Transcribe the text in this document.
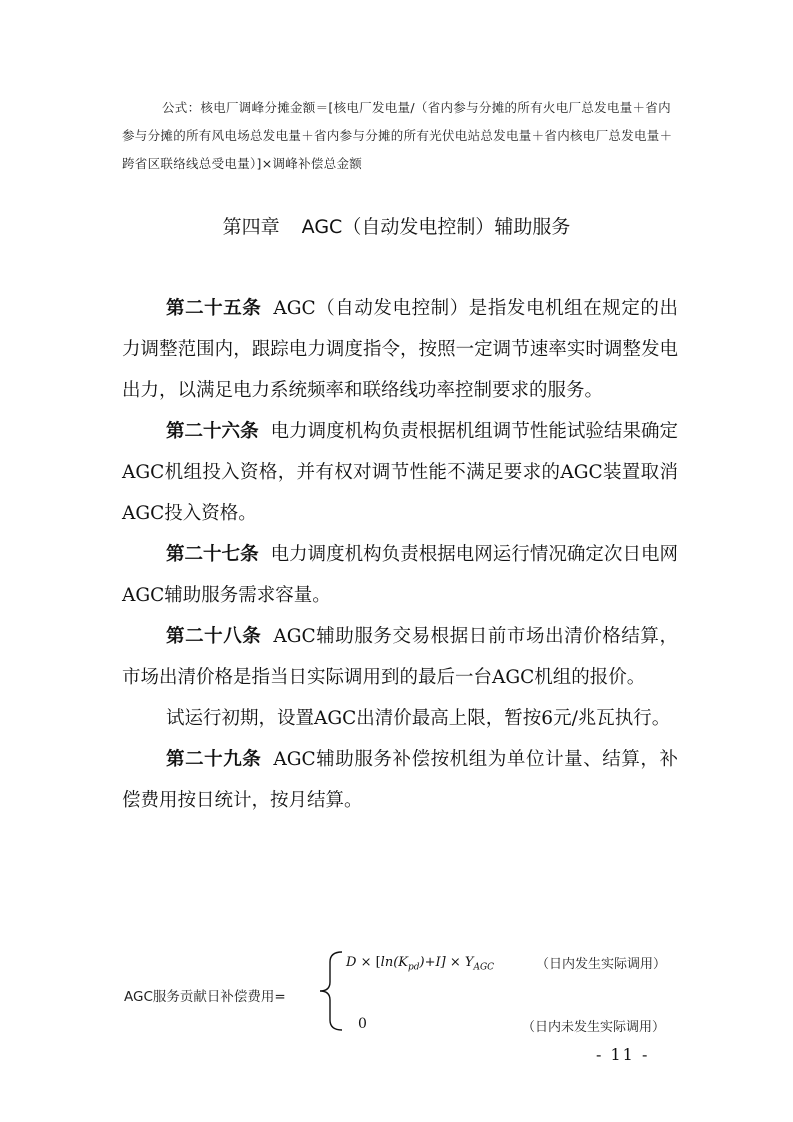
公式：核电厂调峰分摊金额＝[核电厂发电量/（省内参与分摊的所有火电厂总发电量＋省内参与分摊的所有风电场总发电量＋省内参与分摊的所有光伏电站总发电量＋省内核电厂总发电量＋跨省区联络线总受电量）]×调峰补偿总金额
第四章 AGC（自动发电控制）辅助服务

第二十五条 AGC（自动发电控制）是指发电机组在规定的出力调整范围内，跟踪电力调度指令，按照一定调节速率实时调整发电出力，以满足电力系统频率和联络线功率控制要求的服务。

第二十六条 电力调度机构负责根据机组调节性能试验结果确定AGC机组投入资格，并有权对调节性能不满足要求的AGC装置取消AGC投入资格。

第二十七条 电力调度机构负责根据电网运行情况确定次日电网AGC辅助服务需求容量。

第二十八条 AGC辅助服务交易根据日前市场出清价格结算，市场出清价格是指当日实际调用到的最后一台AGC机组的报价。

试运行初期，设置AGC出清价最高上限，暂按6元/兆瓦执行。

第二十九条 AGC辅助服务补偿按机组为单位计量、结算，补偿费用按日统计，按月结算。

AGC服务贡献日补偿费用=
$D \times [\ln(K_{pd})+I] \times Y_{AGC}$	（日内发生实际调用）
0	（日内未发生实际调用）
- 11 -
